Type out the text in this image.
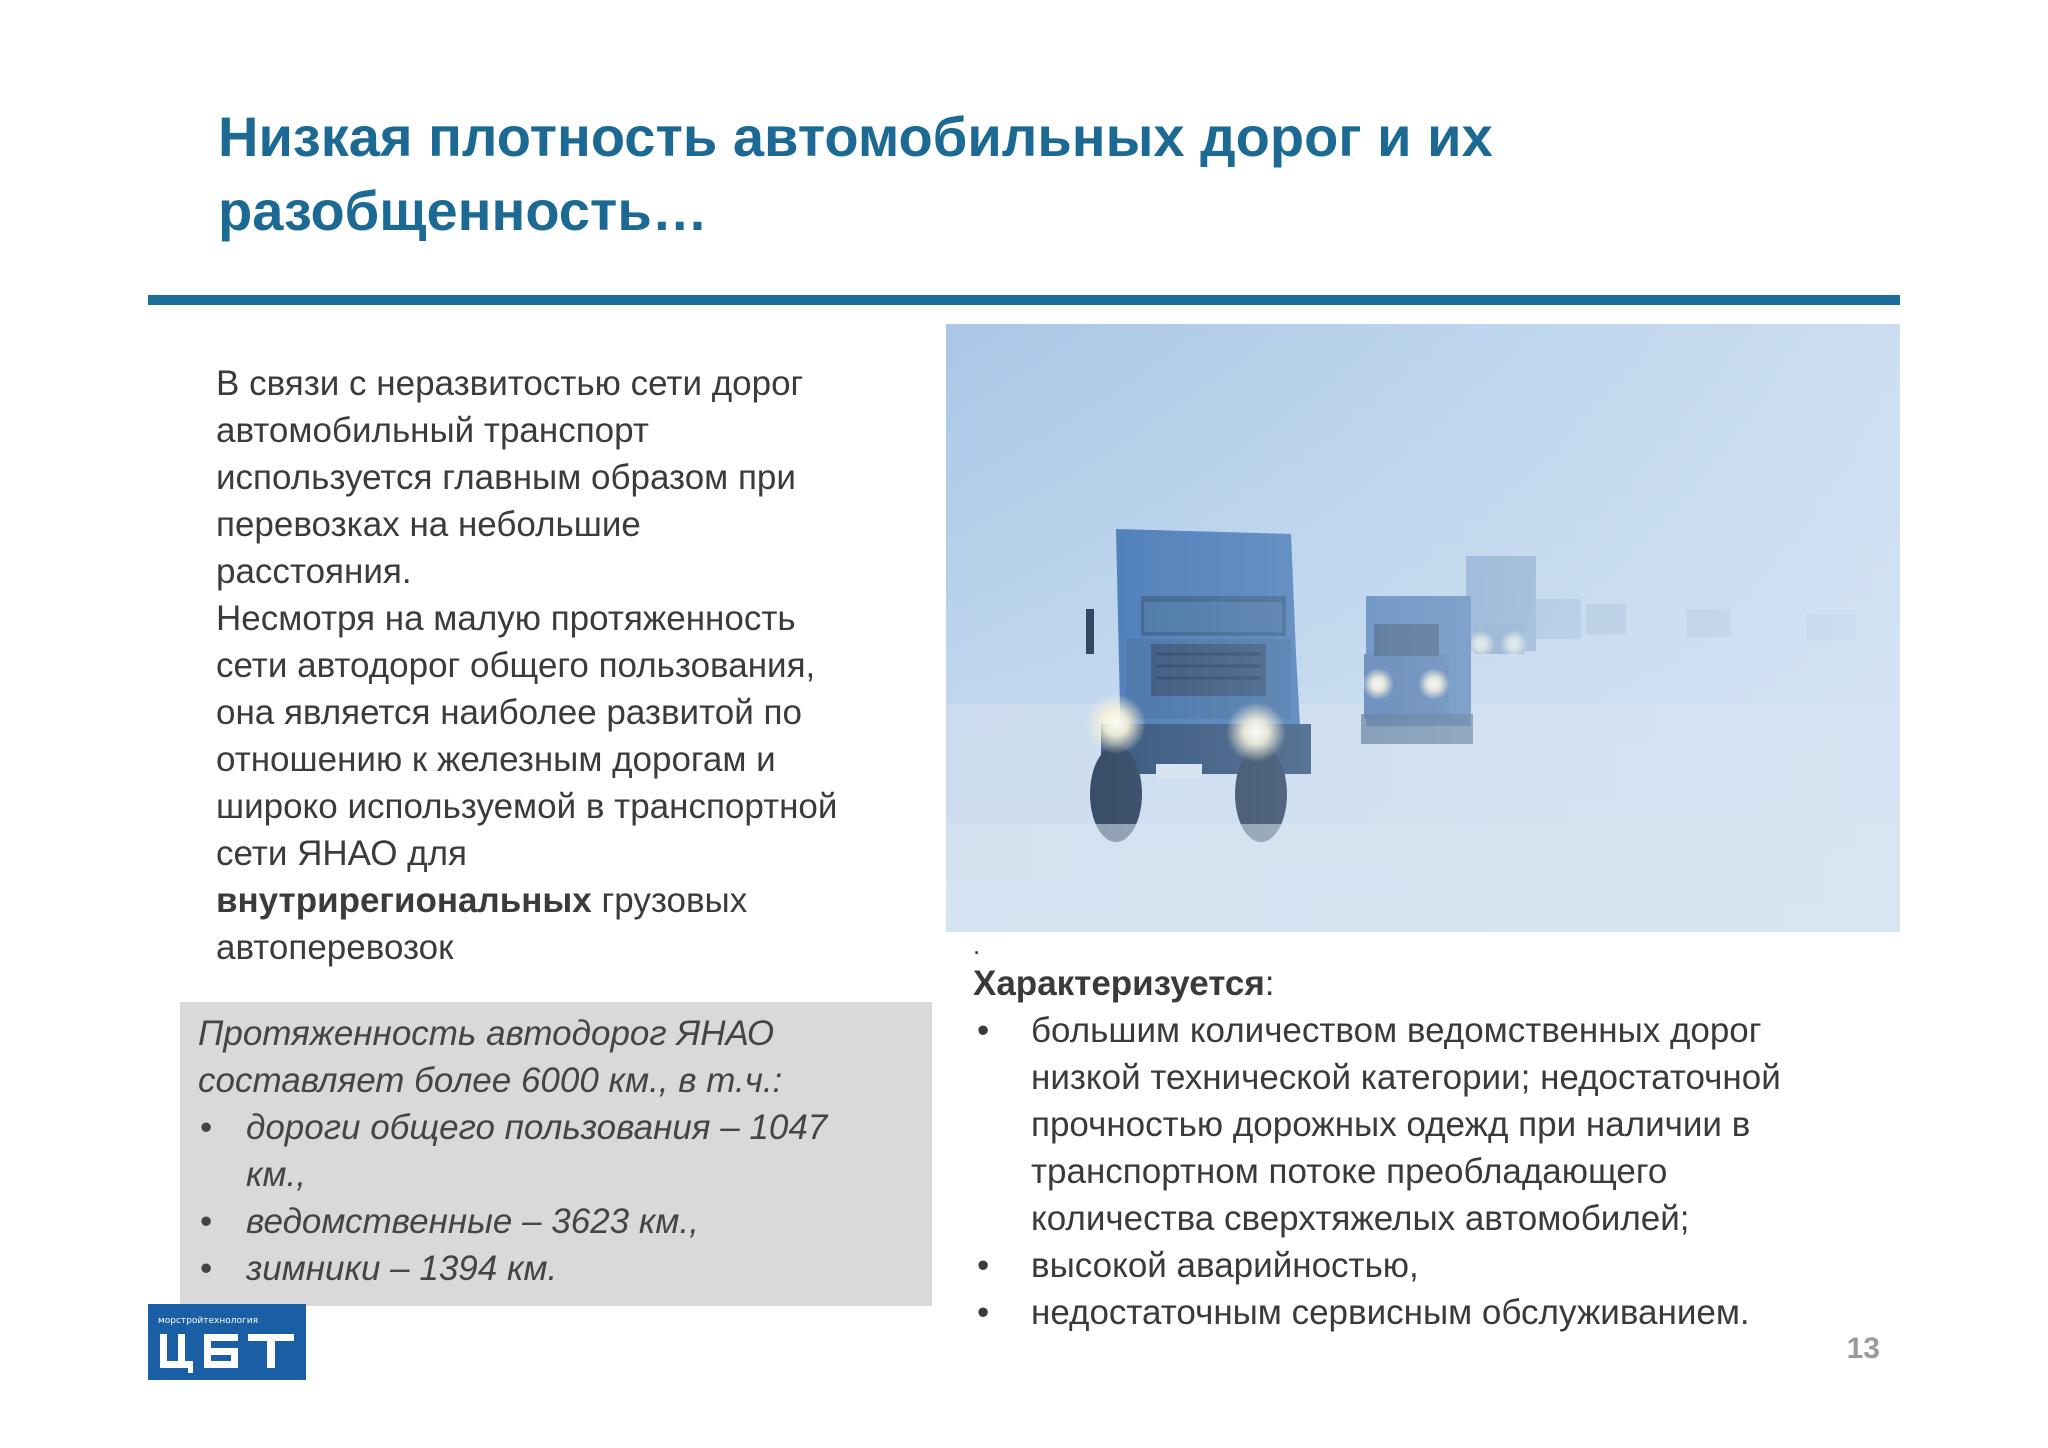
Низкая плотность автомобильных дорог и их
разобщенность…
В связи с неразвитостью сети дорог
автомобильный транспорт
используется главным образом при
перевозках на небольшие
расстояния.
Несмотря на малую протяженность
сети автодорог общего пользования,
она является наиболее развитой по
отношению к железным дорогам и
широко используемой в транспортной
сети ЯНАО для
внутрирегиональных грузовых
автоперевозок
Протяженность автодорог ЯНАО
составляет более 6000 км., в т.ч.:
• дороги общего пользования – 1047
км.,
• ведомственные – 3623 км.,
• зимники – 1394 км.
.
Характеризуется:
• большим количеством ведомственных дорог
низкой технической категории; недостаточной
прочностью дорожных одежд при наличии в
транспортном потоке преобладающего
количества сверхтяжелых автомобилей;
• высокой аварийностью,
• недостаточным сервисным обслуживанием.
морстройтехнология
13
